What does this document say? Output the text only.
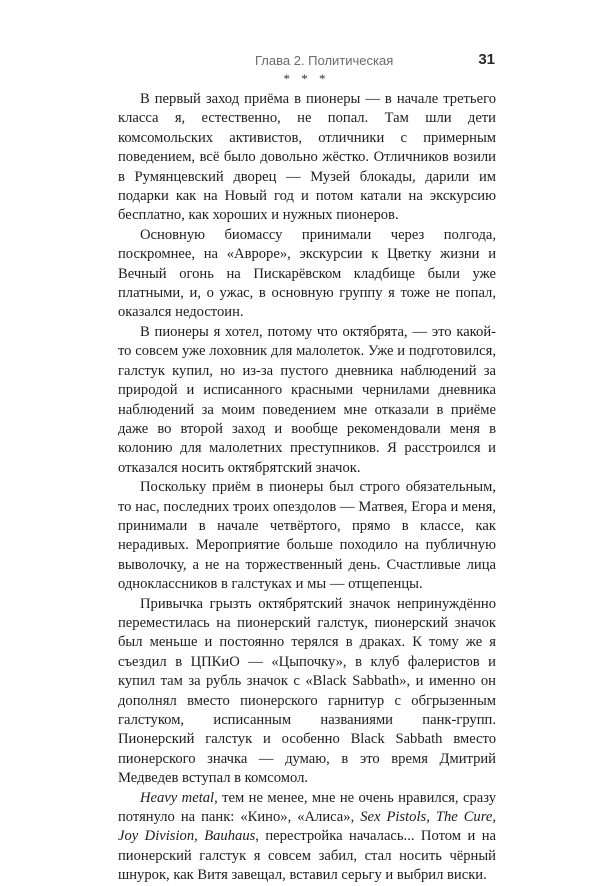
Глава 2. Политическая	31
* * *

В первый заход приёма в пионеры — в начале третьего класса я, естественно, не попал. Там шли дети комсомольских активистов, отличники с примерным поведением, всё было довольно жёстко. Отличников возили в Румянцевский дворец — Музей блокады, дарили им подарки как на Новый год и потом катали на экскурсию бесплатно, как хороших и нужных пионеров.

Основную биомассу принимали через полгода, поскромнее, на «Авроре», экскурсии к Цветку жизни и Вечный огонь на Пискарёвском кладбище были уже платными, и, о ужас, в основную группу я тоже не попал, оказался недостоин.

В пионеры я хотел, потому что октябрята, — это какой-то совсем уже лоховник для малолеток. Уже и подготовился, галстук купил, но из-за пустого дневника наблюдений за природой и исписанного красными чернилами дневника наблюдений за моим поведением мне отказали в приёме даже во второй заход и вообще рекомендовали меня в колонию для малолетних преступников. Я расстроился и отказался носить октябрятский значок.

Поскольку приём в пионеры был строго обязательным, то нас, последних троих опездолов — Матвея, Егора и меня, принимали в начале четвёртого, прямо в классе, как нерадивых. Мероприятие больше походило на публичную выволочку, а не на торжественный день. Счастливые лица одноклассников в галстуках и мы — отщепенцы.

Привычка грызть октябрятский значок непринуждённо переместилась на пионерский галстук, пионерский значок был меньше и постоянно терялся в драках. К тому же я съездил в ЦПКиО — «Цыпочку», в клуб фалеристов и купил там за рубль значок с «Black Sabbath», и именно он дополнял вместо пионерского гарнитур с обгрызенным галстуком, исписанным названиями панк-групп. Пионерский галстук и особенно Black Sabbath вместо пионерского значка — думаю, в это время Дмитрий Медведев вступал в комсомол.

Heavy metal, тем не менее, мне не очень нравился, сразу потянуло на панк: «Кино», «Алиса», Sex Pistols, The Cure, Joy Division, Bauhaus, перестройка началась... Потом и на пионерский галстук я совсем забил, стал носить чёрный шнурок, как Витя завещал, вставил серьгу и выбрил виски.
